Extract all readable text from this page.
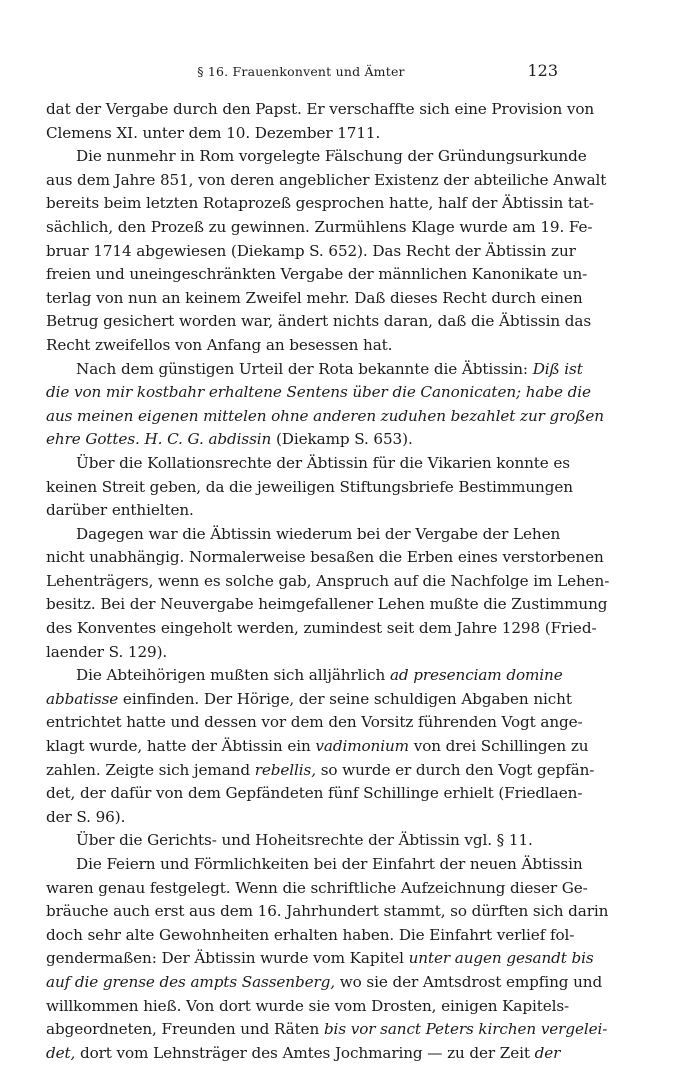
§ 16. Frauenkonvent und Ämter	123
dat der Vergabe durch den Papst. Er verschaffte sich eine Provision von
Clemens XI. unter dem 10. Dezember 1711.
Die nunmehr in Rom vorgelegte Fälschung der Gründungsurkunde
aus dem Jahre 851, von deren angeblicher Existenz der abteiliche Anwalt
bereits beim letzten Rotaprozeß gesprochen hatte, half der Äbtissin tat-
sächlich, den Prozeß zu gewinnen. Zurmühlens Klage wurde am 19. Fe-
bruar 1714 abgewiesen (Diekamp S. 652). Das Recht der Äbtissin zur
freien und uneingeschränkten Vergabe der männlichen Kanonikate un-
terlag von nun an keinem Zweifel mehr. Daß dieses Recht durch einen
Betrug gesichert worden war, ändert nichts daran, daß die Äbtissin das
Recht zweifellos von Anfang an besessen hat.
Nach dem günstigen Urteil der Rota bekannte die Äbtissin: Diß ist
die von mir kostbahr erhaltene Sentens über die Canonicaten; habe die
aus meinen eigenen mittelen ohne anderen zuduhen bezahlet zur großen
ehre Gottes. H. C. G. abdissin (Diekamp S. 653).
Über die Kollationsrechte der Äbtissin für die Vikarien konnte es
keinen Streit geben, da die jeweiligen Stiftungsbriefe Bestimmungen
darüber enthielten.
Dagegen war die Äbtissin wiederum bei der Vergabe der Lehen
nicht unabhängig. Normalerweise besaßen die Erben eines verstorbenen
Lehenträgers, wenn es solche gab, Anspruch auf die Nachfolge im Lehen-
besitz. Bei der Neuvergabe heimgefallener Lehen mußte die Zustimmung
des Konventes eingeholt werden, zumindest seit dem Jahre 1298 (Fried-
laender S. 129).
Die Abteihörigen mußten sich alljährlich ad presenciam domine
abbatisse einfinden. Der Hörige, der seine schuldigen Abgaben nicht
entrichtet hatte und dessen vor dem den Vorsitz führenden Vogt ange-
klagt wurde, hatte der Äbtissin ein vadimonium von drei Schillingen zu
zahlen. Zeigte sich jemand rebellis, so wurde er durch den Vogt gepfän-
det, der dafür von dem Gepfändeten fünf Schillinge erhielt (Friedlaen-
der S. 96).
Über die Gerichts- und Hoheitsrechte der Äbtissin vgl. § 11.
Die Feiern und Förmlichkeiten bei der Einfahrt der neuen Äbtissin
waren genau festgelegt. Wenn die schriftliche Aufzeichnung dieser Ge-
bräuche auch erst aus dem 16. Jahrhundert stammt, so dürften sich darin
doch sehr alte Gewohnheiten erhalten haben. Die Einfahrt verlief fol-
gendermaßen: Der Äbtissin wurde vom Kapitel unter augen gesandt bis
auf die grense des ampts Sassenberg, wo sie der Amtsdrost empfing und
willkommen hieß. Von dort wurde sie vom Drosten, einigen Kapitels-
abgeordneten, Freunden und Räten bis vor sanct Peters kirchen vergelei-
det, dort vom Lehnsträger des Amtes Jochmaring — zu der Zeit der
